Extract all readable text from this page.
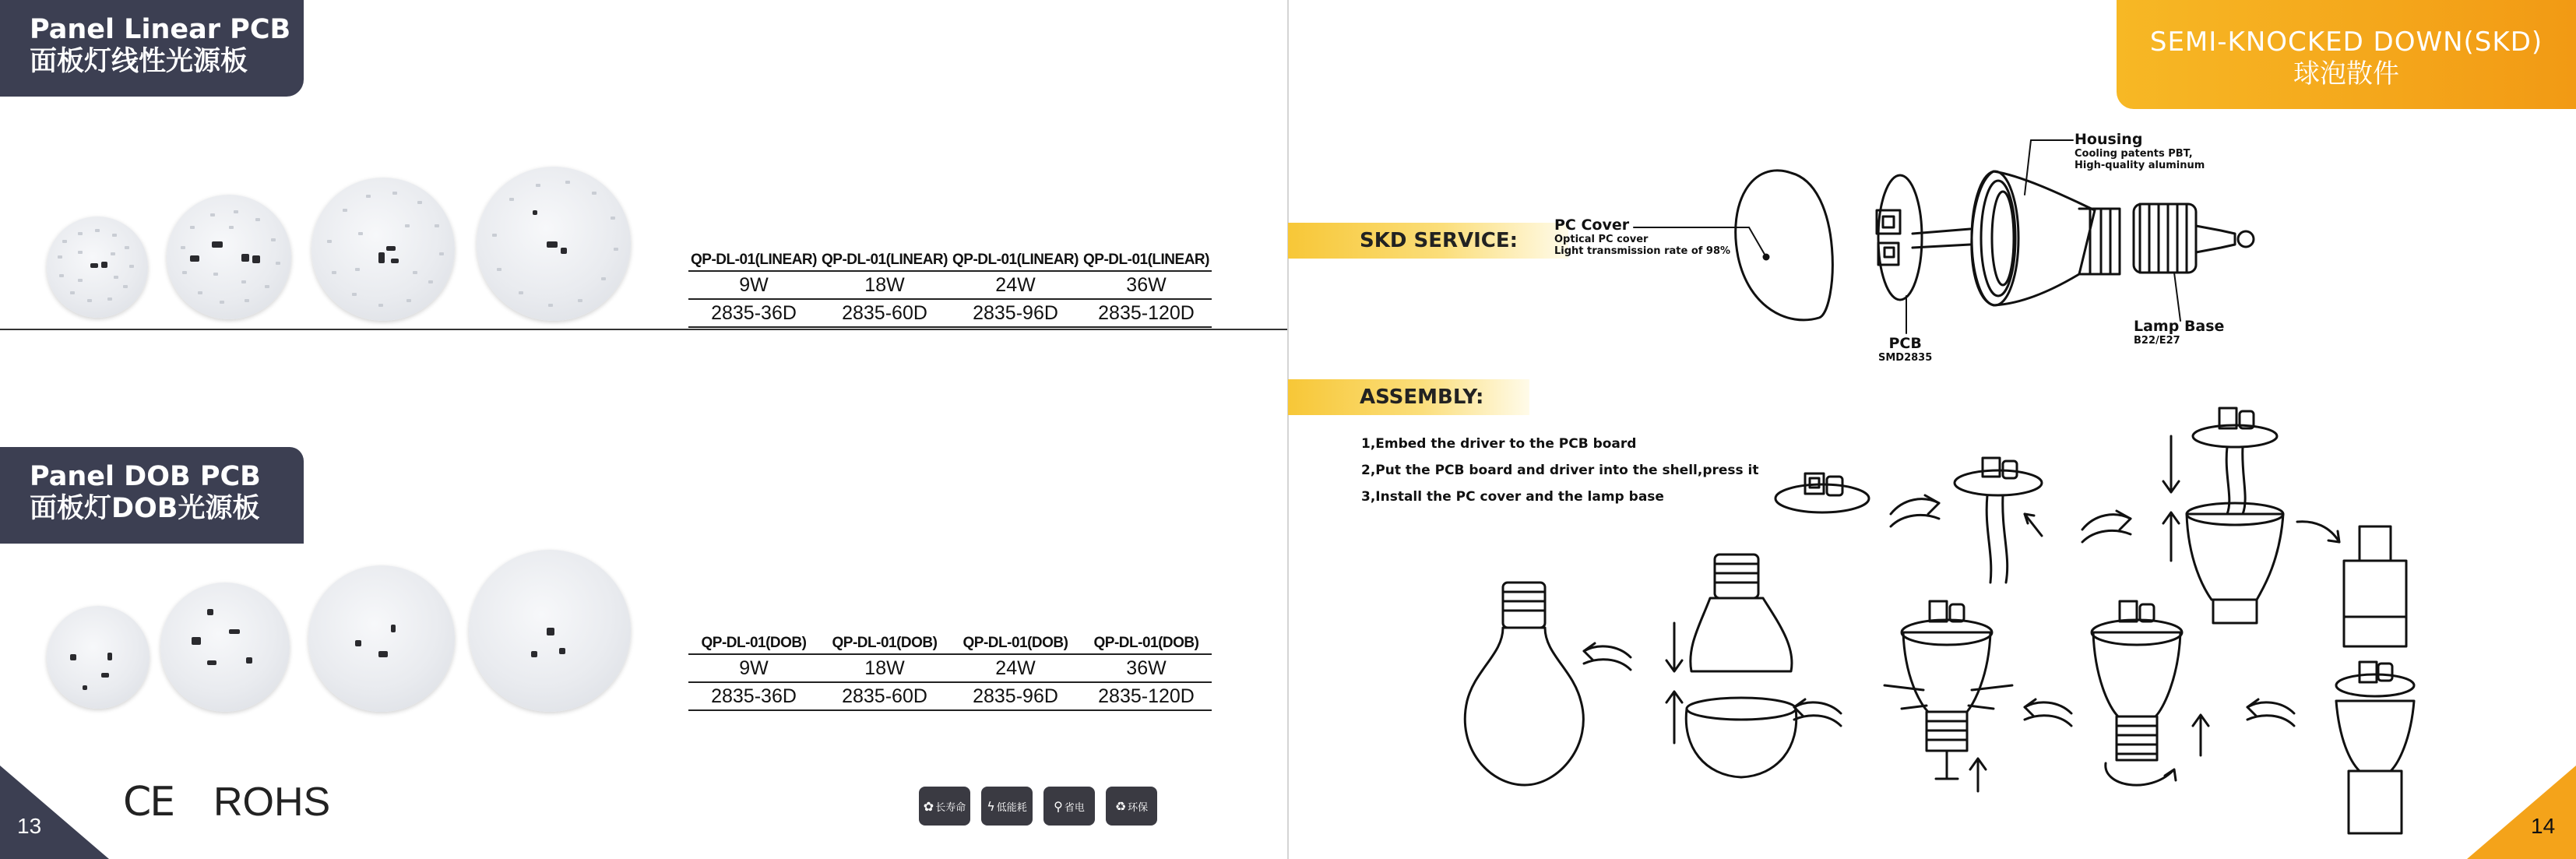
Panel Linear PCB
面板灯线性光源板
QP-DL-01(LINEAR)	QP-DL-01(LINEAR)	QP-DL-01(LINEAR)	QP-DL-01(LINEAR)
9W	18W	24W	36W
2835-36D	2835-60D	2835-96D	2835-120D
Panel DOB PCB
面板灯DOB光源板
QP-DL-01(DOB)	QP-DL-01(DOB)	QP-DL-01(DOB)	QP-DL-01(DOB)
9W	18W	24W	36W
2835-36D	2835-60D	2835-96D	2835-120D
CE ROHS	✿ 长寿命 ϟ 低能耗 ⚲ 省电 ♻ 环保
13
SEMI-KNOCKED DOWN(SKD)
球泡散件
SKD SERVICE:
ASSEMBLY:
PC Cover
Optical PC cover
Light transmission rate of 98%
Housing
Cooling patents PBT,
High-quality aluminum
PCB
SMD2835
Lamp Base
B22/E27
1,Embed the driver to the PCB board
2,Put the PCB board and driver into the shell,press it
3,Install the PC cover and the lamp base
14
